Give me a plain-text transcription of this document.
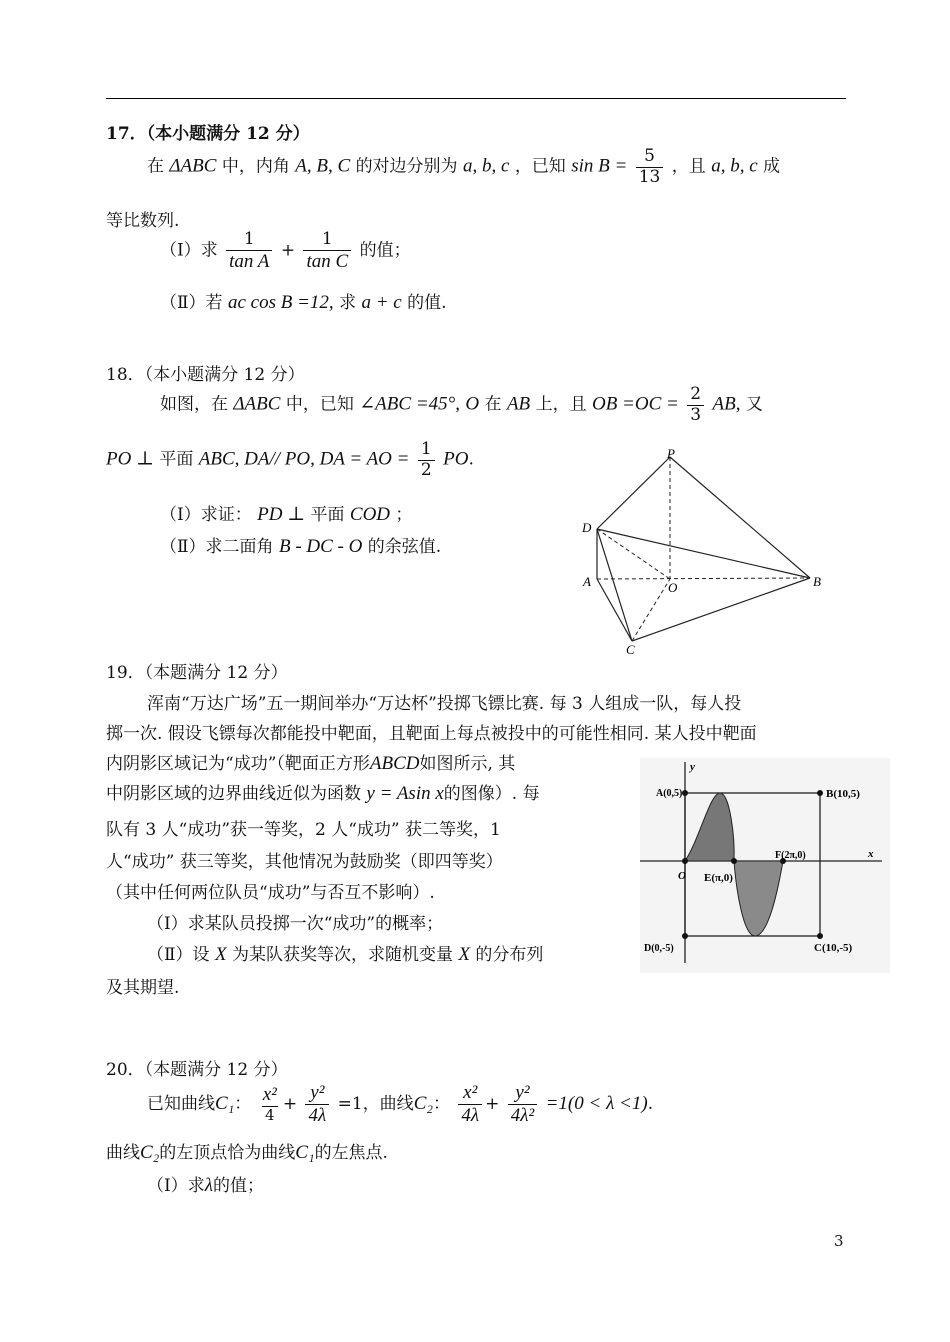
17．（本小题满分 12 分）
在 ΔABC 中，内角 A, B, C 的对边分别为 a, b, c ，已知 $\sin B = \frac{5}{13}$ ，且 a, b, c 成
等比数列.
（Ⅰ）求 $\frac{1}{\text{tan A}} + \frac{1}{\text{tan C}}$ 的值；
（Ⅱ）若 ac cos B =12, 求 a + c 的值.
18．（本小题满分 12 分）
如图，在 ΔABC 中，已知 ∠ABC =45°, O 在 AB 上，且 OB $=OC = \frac{2}{3}$ AB, 又
PO ⊥ 平面 ABC, DA// PO, DA = AO = $\frac{1}{2}$ PO.
（Ⅰ）求证： PD ⊥ 平面 COD ；
（Ⅱ）求二面角 B - DC - O 的余弦值.
P
D
A	O	B
C
19．（本题满分 12 分）
浑南“万达广场”五一期间举办“万达杯”投掷飞镖比赛. 每 3 人组成一队，每人投
掷一次. 假设飞镖每次都能投中靶面，且靶面上每点被投中的可能性相同. 某人投中靶面
内阴影区域记为“成功”（靶面正方形ABCD如图所示, 其
中阴影区域的边界曲线近似为函数 y = Asin x的图像）. 每
队有 3 人“成功”获一等奖，2 人“成功” 获二等奖，1
人“成功” 获三等奖，其他情况为鼓励奖（即四等奖）
（其中任何两位队员“成功”与否互不影响）.
（Ⅰ）求某队员投掷一次“成功”的概率；
（Ⅱ）设 X 为某队获奖等次，求随机变量 X 的分布列
及其期望.
y
x
A(0,5)	B(10,5)
O E(π,0)
F(2π,0)
D(0,-5)	C(10,-5)
20．（本题满分 12 分）
已知曲线C₁： $\frac{\text{x²}}{4} + \frac{\text{y²}}{4\lambda} =1$，曲线C₂： $\frac{\text{x²}}{4\lambda} + \frac{\text{y²}}{\text{4λ²}} =1(0 < \lambda <1)$.
曲线C₂的左顶点恰为曲线C₁的左焦点.
（Ⅰ）求λ的值；
3
